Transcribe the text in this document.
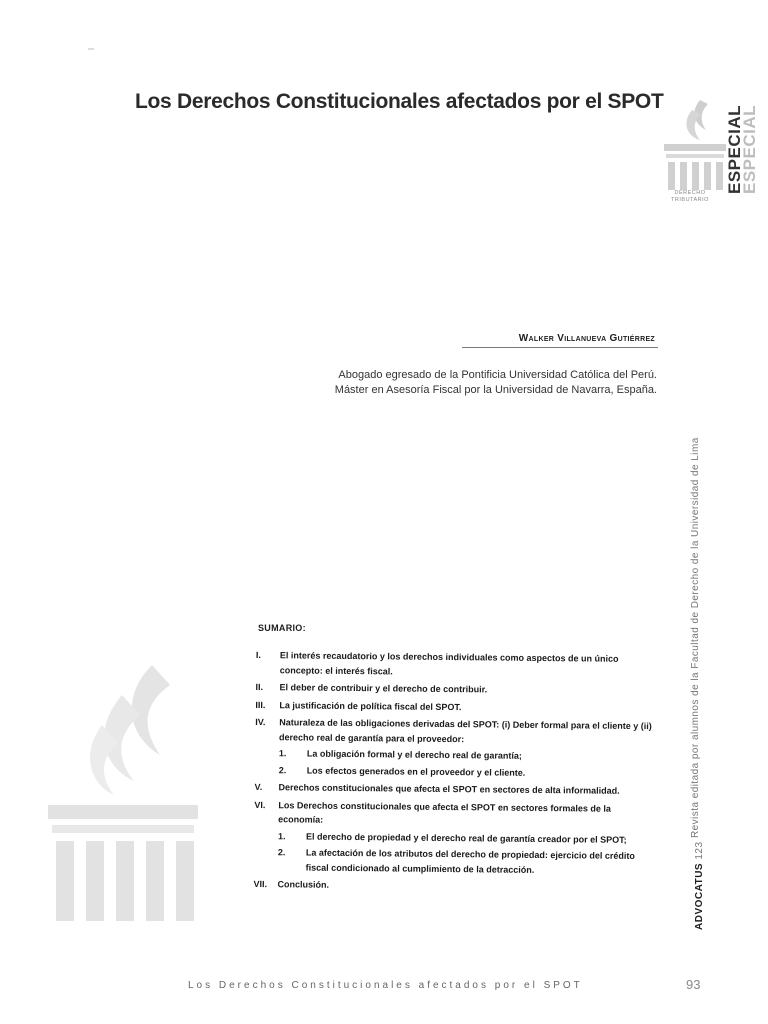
Los Derechos Constitucionales afectados por el SPOT
ESPECIAL
ESPECIAL
DERECHO
TRIBUTARIO
Walker Villanueva Gutiérrez
Abogado egresado de la Pontificia Universidad Católica del Perú.
Máster en Asesoría Fiscal por la Universidad de Navarra, España.
Revista editada por alumnos de la Facultad de Derecho de la Universidad de Lima
ADVOCATUS 123
SUMARIO:
I. El interés recaudatorio y los derechos individuales como aspectos de un único concepto: el interés fiscal.
II. El deber de contribuir y el derecho de contribuir.
III. La justificación de política fiscal del SPOT.
IV. Naturaleza de las obligaciones derivadas del SPOT: (i) Deber formal para el cliente y (ii) derecho real de garantía para el proveedor:
1. La obligación formal y el derecho real de garantía;
2. Los efectos generados en el proveedor y el cliente.
V. Derechos constitucionales que afecta el SPOT en sectores de alta informalidad.
VI. Los Derechos constitucionales que afecta el SPOT en sectores formales de la economía:
1. El derecho de propiedad y el derecho real de garantía creador por el SPOT;
2. La afectación de los atributos del derecho de propiedad: ejercicio del crédito fiscal condicionado al cumplimiento de la detracción.
VII. Conclusión.
Los Derechos Constitucionales afectados por el SPOT	93
